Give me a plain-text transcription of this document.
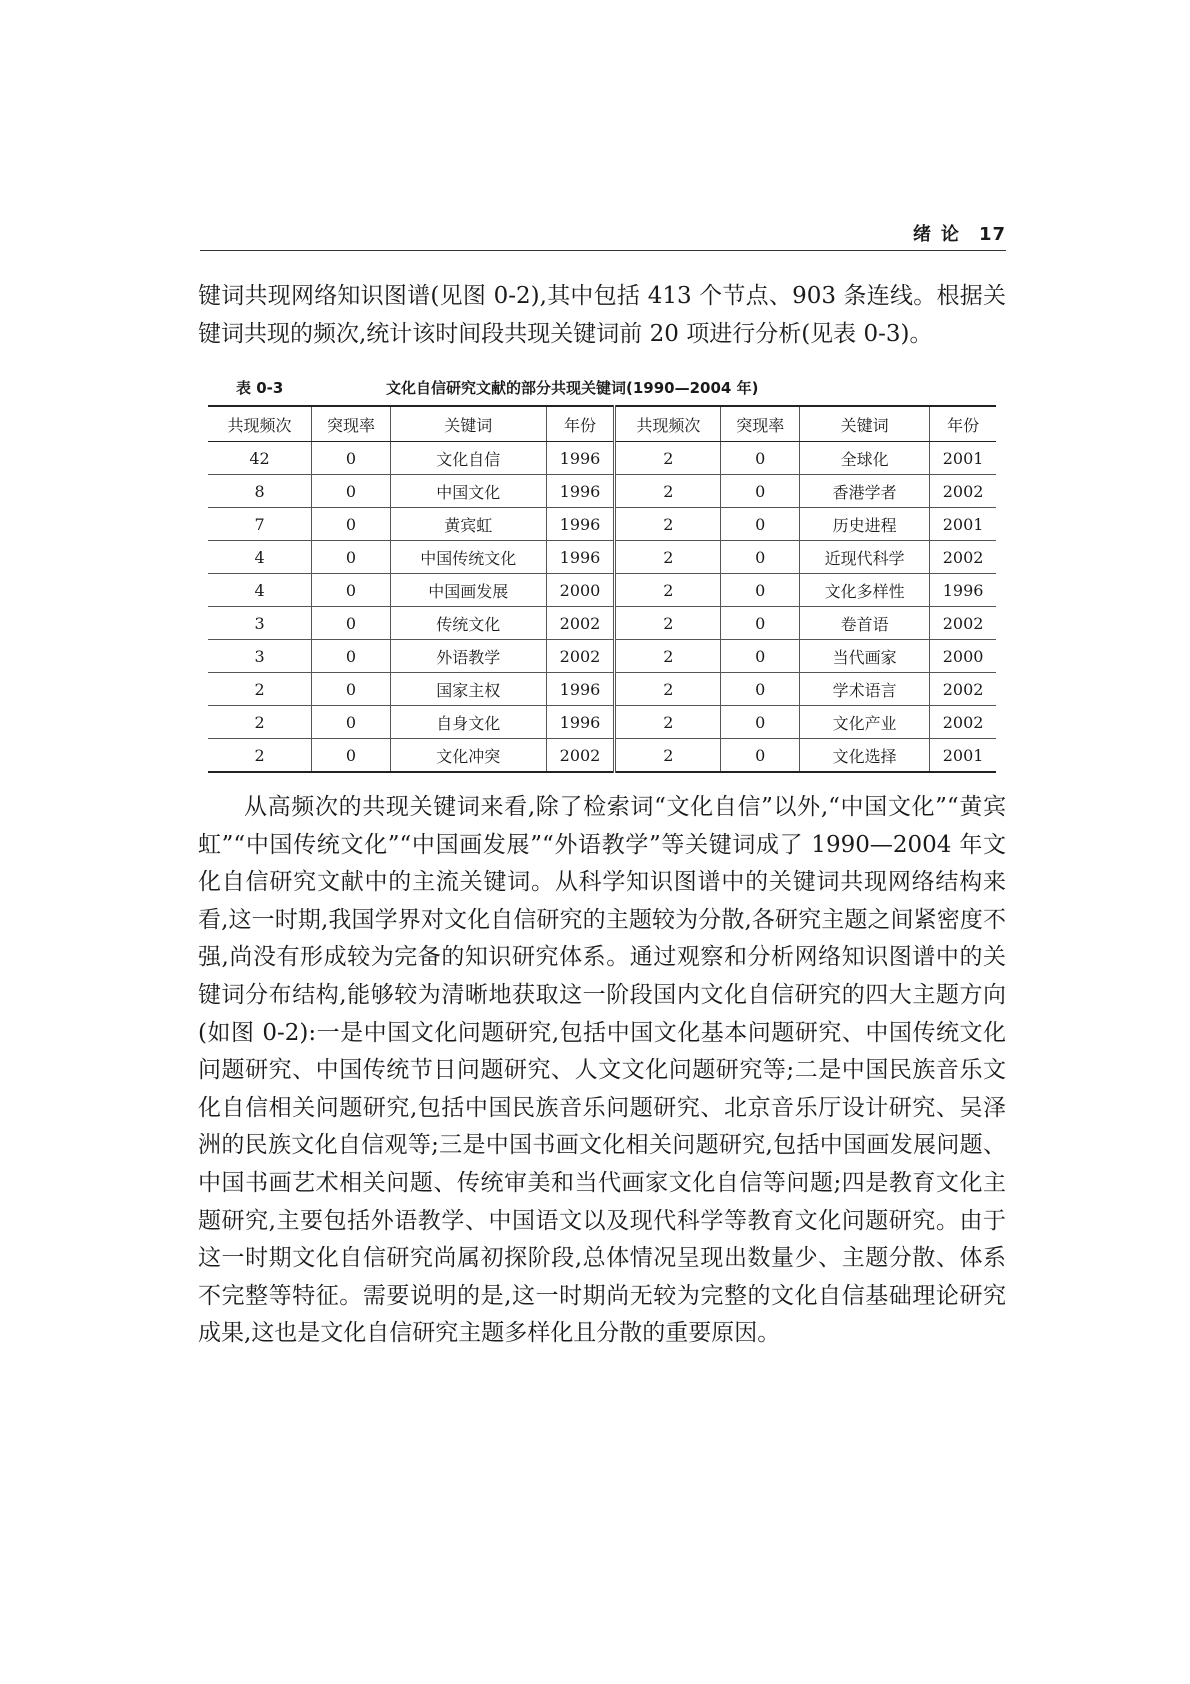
绪论 17

键词共现网络知识图谱(见图 0-2),其中包括 413 个节点、903 条连线。根据关键词共现的频次,统计该时间段共现关键词前 20 项进行分析(见表 0-3)。

表 0-3	文化自信研究文献的部分共现关键词(1990—2004 年)
共现频次	突现率	关键词	年份	共现频次	突现率	关键词	年份
42	0	文化自信	1996	2	0	全球化	2001
8	0	中国文化	1996	2	0	香港学者	2002
7	0	黄宾虹	1996	2	0	历史进程	2001
4	0	中国传统文化	1996	2	0	近现代科学	2002
4	0	中国画发展	2000	2	0	文化多样性	1996
3	0	传统文化	2002	2	0	卷首语	2002
3	0	外语教学	2002	2	0	当代画家	2000
2	0	国家主权	1996	2	0	学术语言	2002
2	0	自身文化	1996	2	0	文化产业	2002
2	0	文化冲突	2002	2	0	文化选择	2001

从高频次的共现关键词来看,除了检索词“文化自信”以外,“中国文化”“黄宾虹”“中国传统文化”“中国画发展”“外语教学”等关键词成了 1990—2004 年文化自信研究文献中的主流关键词。从科学知识图谱中的关键词共现网络结构来看,这一时期,我国学界对文化自信研究的主题较为分散,各研究主题之间紧密度不强,尚没有形成较为完备的知识研究体系。通过观察和分析网络知识图谱中的关键词分布结构,能够较为清晰地获取这一阶段国内文化自信研究的四大主题方向(如图 0-2):一是中国文化问题研究,包括中国文化基本问题研究、中国传统文化问题研究、中国传统节日问题研究、人文文化问题研究等;二是中国民族音乐文化自信相关问题研究,包括中国民族音乐问题研究、北京音乐厅设计研究、吴泽洲的民族文化自信观等;三是中国书画文化相关问题研究,包括中国画发展问题、中国书画艺术相关问题、传统审美和当代画家文化自信等问题;四是教育文化主题研究,主要包括外语教学、中国语文以及现代科学等教育文化问题研究。由于这一时期文化自信研究尚属初探阶段,总体情况呈现出数量少、主题分散、体系不完整等特征。需要说明的是,这一时期尚无较为完整的文化自信基础理论研究成果,这也是文化自信研究主题多样化且分散的重要原因。
